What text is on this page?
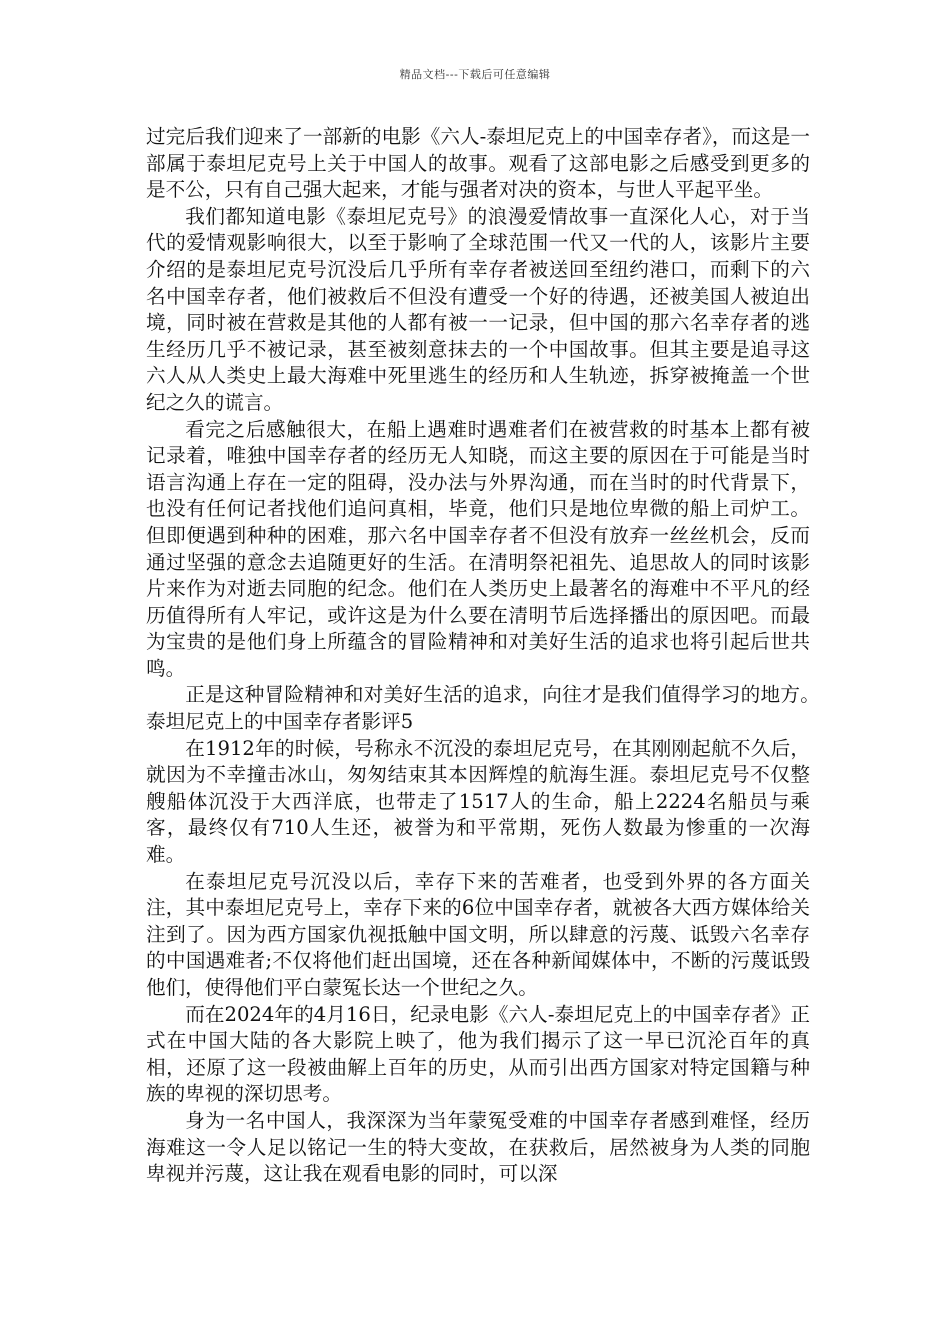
精品文档---下载后可任意编辑

过完后我们迎来了一部新的电影《六人-泰坦尼克上的中国幸存者》，而这是一部属于泰坦尼克号上关于中国人的故事。观看了这部电影之后感受到更多的是不公，只有自己强大起来，才能与强者对决的资本，与世人平起平坐。

我们都知道电影《泰坦尼克号》的浪漫爱情故事一直深化人心，对于当代的爱情观影响很大，以至于影响了全球范围一代又一代的人，该影片主要介绍的是泰坦尼克号沉没后几乎所有幸存者被送回至纽约港口，而剩下的六名中国幸存者，他们被救后不但没有遭受一个好的待遇，还被美国人被迫出境，同时被在营救是其他的人都有被一一记录，但中国的那六名幸存者的逃生经历几乎不被记录，甚至被刻意抹去的一个中国故事。但其主要是追寻这六人从人类史上最大海难中死里逃生的经历和人生轨迹，拆穿被掩盖一个世纪之久的谎言。

看完之后感触很大，在船上遇难时遇难者们在被营救的时基本上都有被记录着，唯独中国幸存者的经历无人知晓，而这主要的原因在于可能是当时语言沟通上存在一定的阻碍，没办法与外界沟通，而在当时的时代背景下，也没有任何记者找他们追问真相，毕竟，他们只是地位卑微的船上司炉工。但即便遇到种种的困难，那六名中国幸存者不但没有放弃一丝丝机会，反而通过坚强的意念去追随更好的生活。在清明祭祀祖先、追思故人的同时该影片来作为对逝去同胞的纪念。他们在人类历史上最著名的海难中不平凡的经历值得所有人牢记，或许这是为什么要在清明节后选择播出的原因吧。而最为宝贵的是他们身上所蕴含的冒险精神和对美好生活的追求也将引起后世共鸣。

正是这种冒险精神和对美好生活的追求，向往才是我们值得学习的地方。　　泰坦尼克上的中国幸存者影评5

在1912年的时候，号称永不沉没的泰坦尼克号，在其刚刚起航不久后，就因为不幸撞击冰山，匆匆结束其本因辉煌的航海生涯。泰坦尼克号不仅整艘船体沉没于大西洋底，也带走了1517人的生命，船上2224名船员与乘客，最终仅有710人生还，被誉为和平常期，死伤人数最为惨重的一次海难。

在泰坦尼克号沉没以后，幸存下来的苦难者，也受到外界的各方面关注，其中泰坦尼克号上，幸存下来的6位中国幸存者，就被各大西方媒体给关注到了。因为西方国家仇视抵触中国文明，所以肆意的污蔑、诋毁六名幸存的中国遇难者;不仅将他们赶出国境，还在各种新闻媒体中，不断的污蔑诋毁他们，使得他们平白蒙冤长达一个世纪之久。

而在2024年的4月16日，纪录电影《六人-泰坦尼克上的中国幸存者》正式在中国大陆的各大影院上映了，他为我们揭示了这一早已沉沦百年的真相，还原了这一段被曲解上百年的历史，从而引出西方国家对特定国籍与种族的卑视的深切思考。

身为一名中国人，我深深为当年蒙冤受难的中国幸存者感到难怪，经历海难这一令人足以铭记一生的特大变故，在获救后，居然被身为人类的同胞卑视并污蔑，这让我在观看电影的同时，可以深
